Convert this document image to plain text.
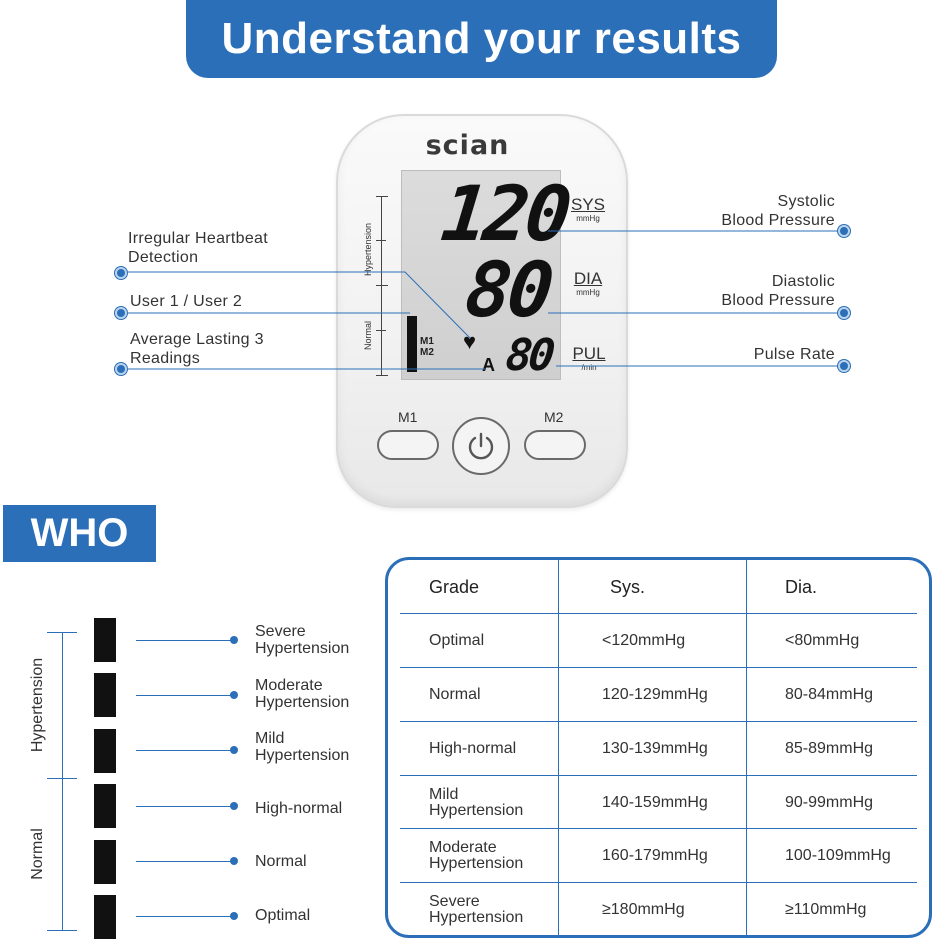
Understand your results
scian
Hypertension
Normal
120
80
80
M1
M2 ♥
A
SYS
mmHg
DIA
mmHg
PUL
/min
M1	M2
Irregular Heartbeat
Detection
User 1 / User 2
Average Lasting 3
Readings
Systolic
Blood Pressure
Diastolic
Blood Pressure
Pulse Rate
WHO
Hypertension
Normal
Severe
Hypertension
Moderate
Hypertension
Mild
Hypertension
High-normal
Normal
Optimal
Grade	Sys.	Dia.
Optimal	<120mmHg	<80mmHg
Normal	120-129mmHg	80-84mmHg
High-normal	130-139mmHg	85-89mmHg
Mild
Hypertension	140-159mmHg	90-99mmHg
Moderate
Hypertension	160-179mmHg	100-109mmHg
Severe
Hypertension	≥180mmHg	≥110mmHg
